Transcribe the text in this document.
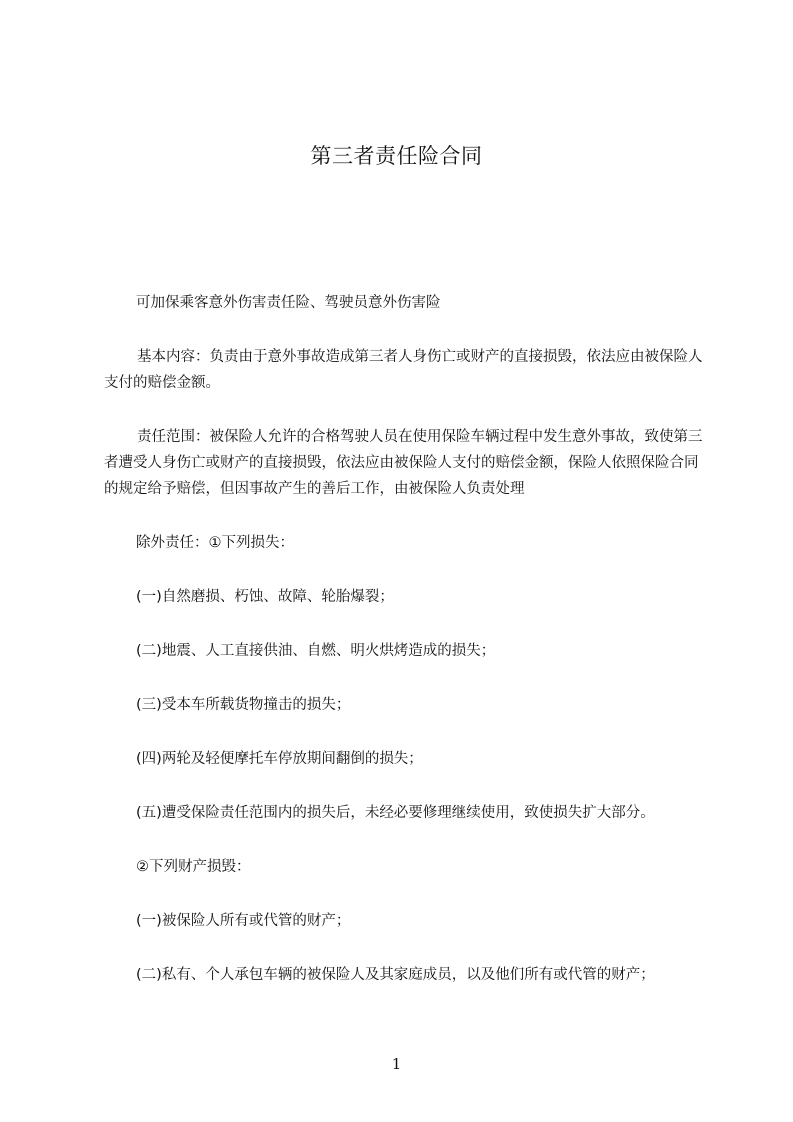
第三者责任险合同

可加保乘客意外伤害责任险、驾驶员意外伤害险

基本内容：负责由于意外事故造成第三者人身伤亡或财产的直接损毁，依法应由被保险人支付的赔偿金额。

责任范围：被保险人允许的合格驾驶人员在使用保险车辆过程中发生意外事故，致使第三者遭受人身伤亡或财产的直接损毁，依法应由被保险人支付的赔偿金额，保险人依照保险合同的规定给予赔偿，但因事故产生的善后工作，由被保险人负责处理

除外责任：①下列损失：

(一)自然磨损、朽蚀、故障、轮胎爆裂；

(二)地震、人工直接供油、自燃、明火烘烤造成的损失；

(三)受本车所载货物撞击的损失；

(四)两轮及轻便摩托车停放期间翻倒的损失；

(五)遭受保险责任范围内的损失后，未经必要修理继续使用，致使损失扩大部分。

②下列财产损毁：

(一)被保险人所有或代管的财产；

(二)私有、个人承包车辆的被保险人及其家庭成员，以及他们所有或代管的财产；

1
